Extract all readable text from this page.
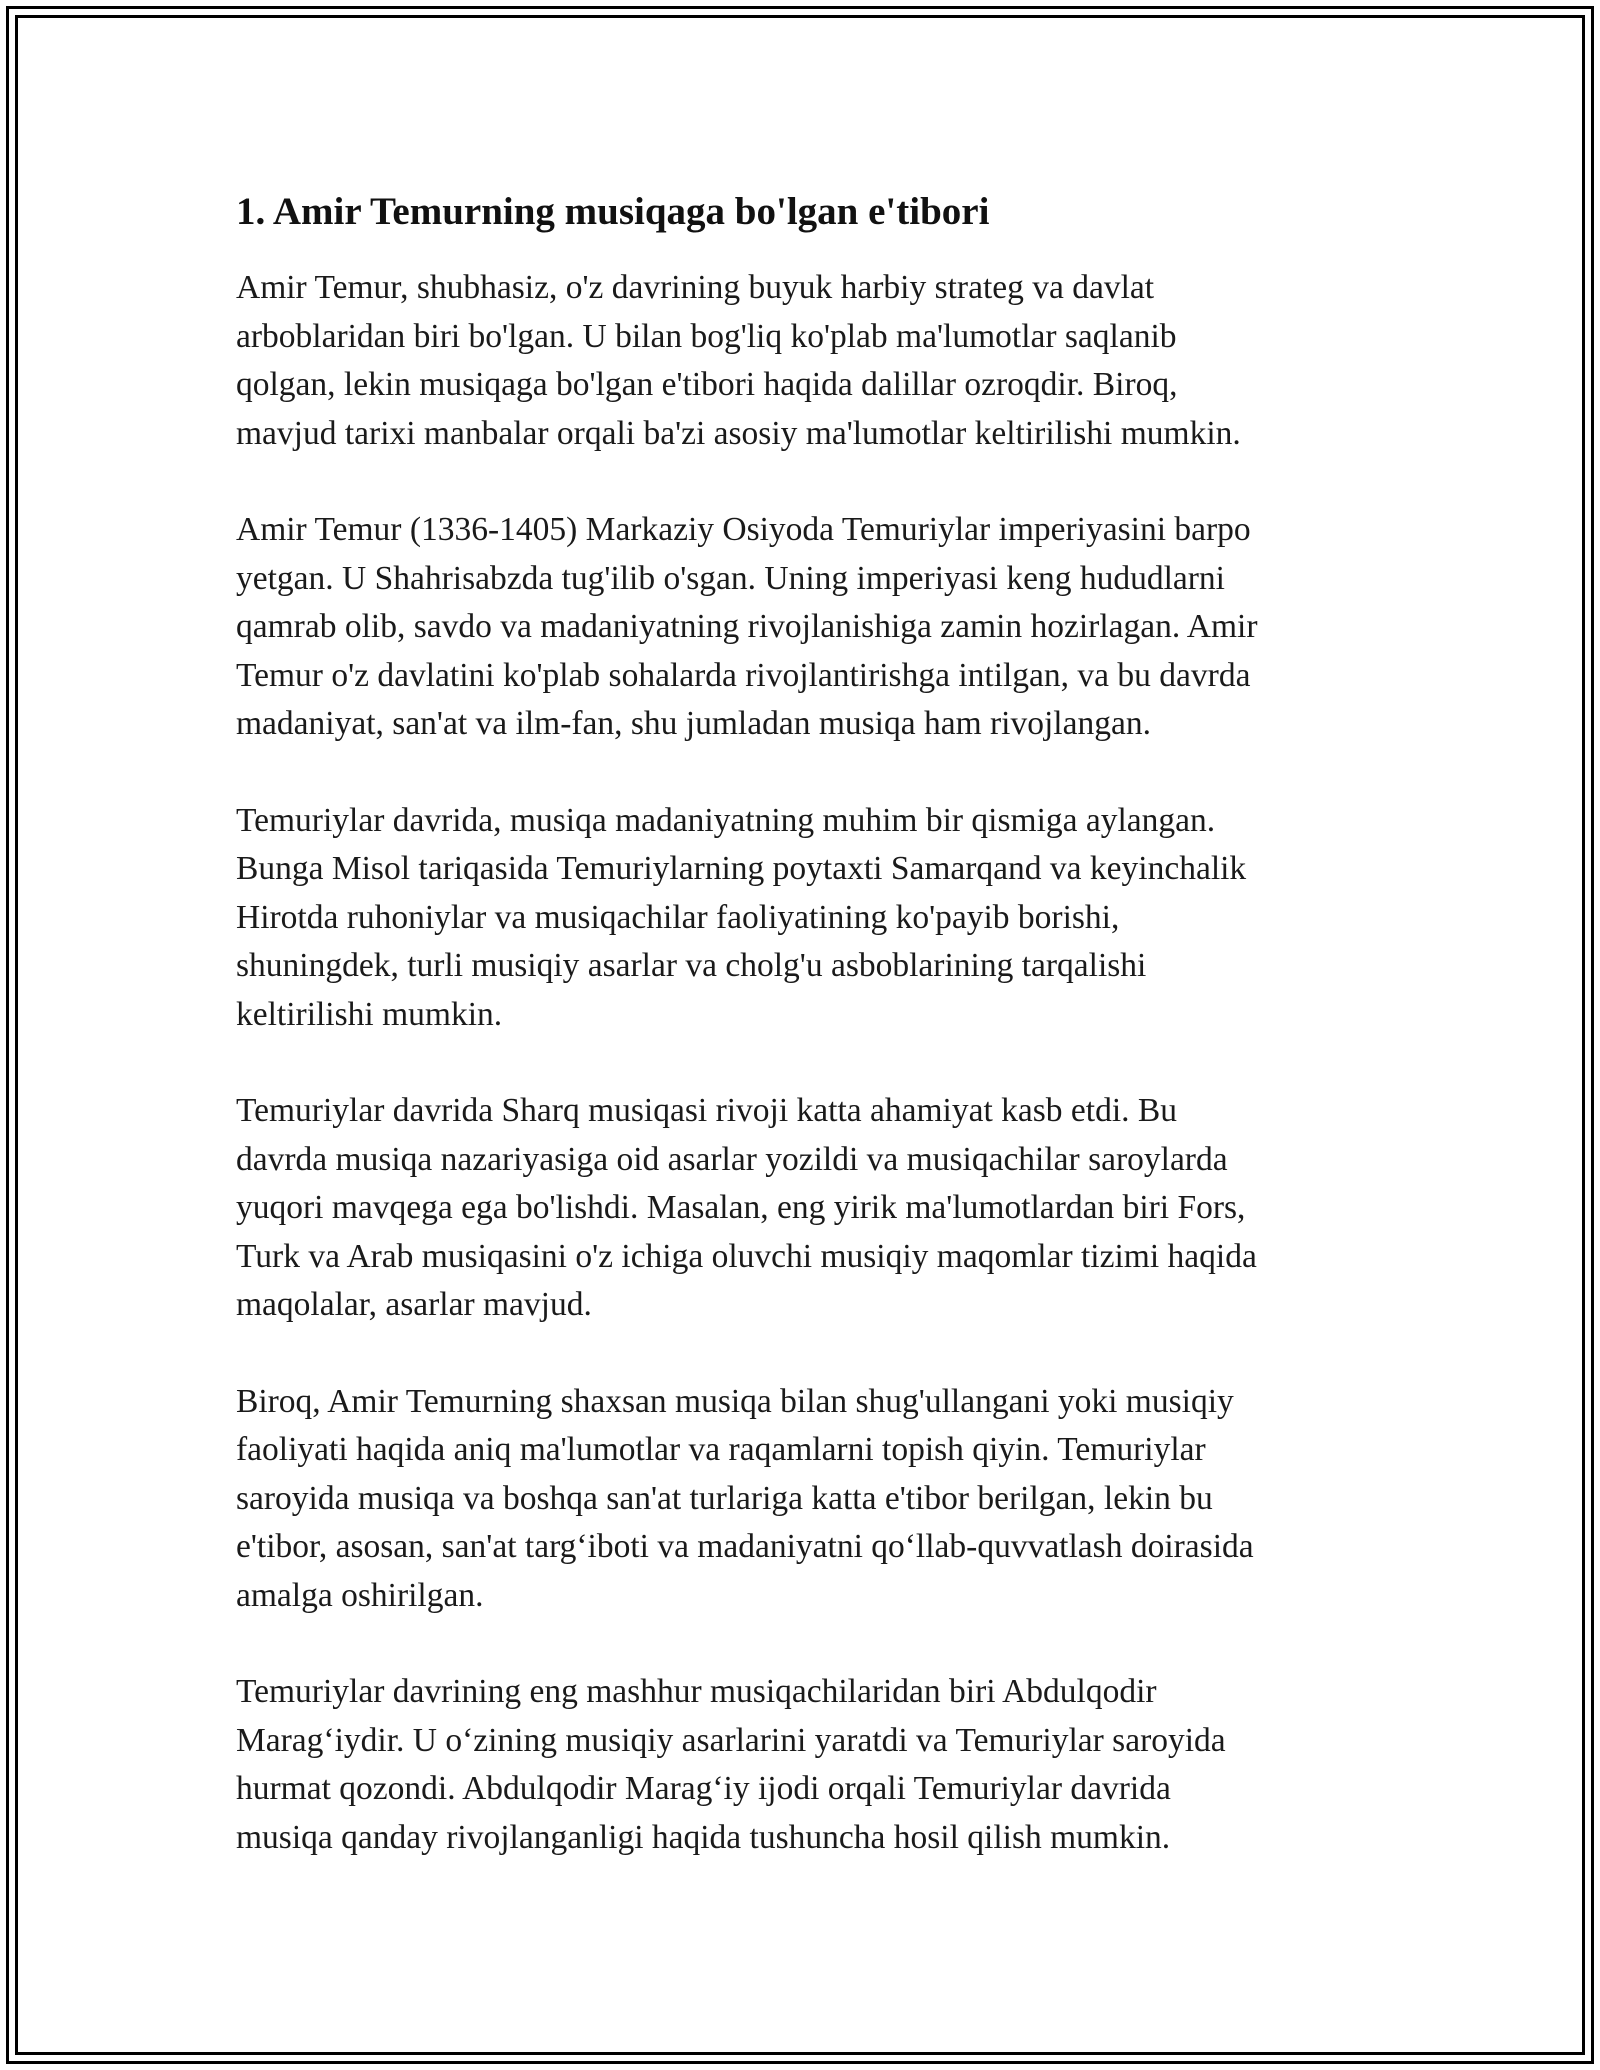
1. Amir Temurning musiqaga bo'lgan e'tibori

Amir Temur, shubhasiz, o'z davrining buyuk harbiy strateg va davlat
arboblaridan biri bo'lgan. U bilan bog'liq ko'plab ma'lumotlar saqlanib
qolgan, lekin musiqaga bo'lgan e'tibori haqida dalillar ozroqdir. Biroq,
mavjud tarixi manbalar orqali ba'zi asosiy ma'lumotlar keltirilishi mumkin.

Amir Temur (1336-1405) Markaziy Osiyoda Temuriylar imperiyasini barpo
yetgan. U Shahrisabzda tug'ilib o'sgan. Uning imperiyasi keng hududlarni
qamrab olib, savdo va madaniyatning rivojlanishiga zamin hozirlagan. Amir
Temur o'z davlatini ko'plab sohalarda rivojlantirishga intilgan, va bu davrda
madaniyat, san'at va ilm-fan, shu jumladan musiqa ham rivojlangan.

Temuriylar davrida, musiqa madaniyatning muhim bir qismiga aylangan.
Bunga Misol tariqasida Temuriylarning poytaxti Samarqand va keyinchalik
Hirotda ruhoniylar va musiqachilar faoliyatining ko'payib borishi,
shuningdek, turli musiqiy asarlar va cholg'u asboblarining tarqalishi
keltirilishi mumkin.

Temuriylar davrida Sharq musiqasi rivoji katta ahamiyat kasb etdi. Bu
davrda musiqa nazariyasiga oid asarlar yozildi va musiqachilar saroylarda
yuqori mavqega ega bo'lishdi. Masalan, eng yirik ma'lumotlardan biri Fors,
Turk va Arab musiqasini o'z ichiga oluvchi musiqiy maqomlar tizimi haqida
maqolalar, asarlar mavjud.

Biroq, Amir Temurning shaxsan musiqa bilan shug'ullangani yoki musiqiy
faoliyati haqida aniq ma'lumotlar va raqamlarni topish qiyin. Temuriylar
saroyida musiqa va boshqa san'at turlariga katta e'tibor berilgan, lekin bu
e'tibor, asosan, san'at targ‘iboti va madaniyatni qo‘llab-quvvatlash doirasida
amalga oshirilgan.

Temuriylar davrining eng mashhur musiqachilaridan biri Abdulqodir
Marag‘iydir. U o‘zining musiqiy asarlarini yaratdi va Temuriylar saroyida
hurmat qozondi. Abdulqodir Marag‘iy ijodi orqali Temuriylar davrida
musiqa qanday rivojlanganligi haqida tushuncha hosil qilish mumkin.
